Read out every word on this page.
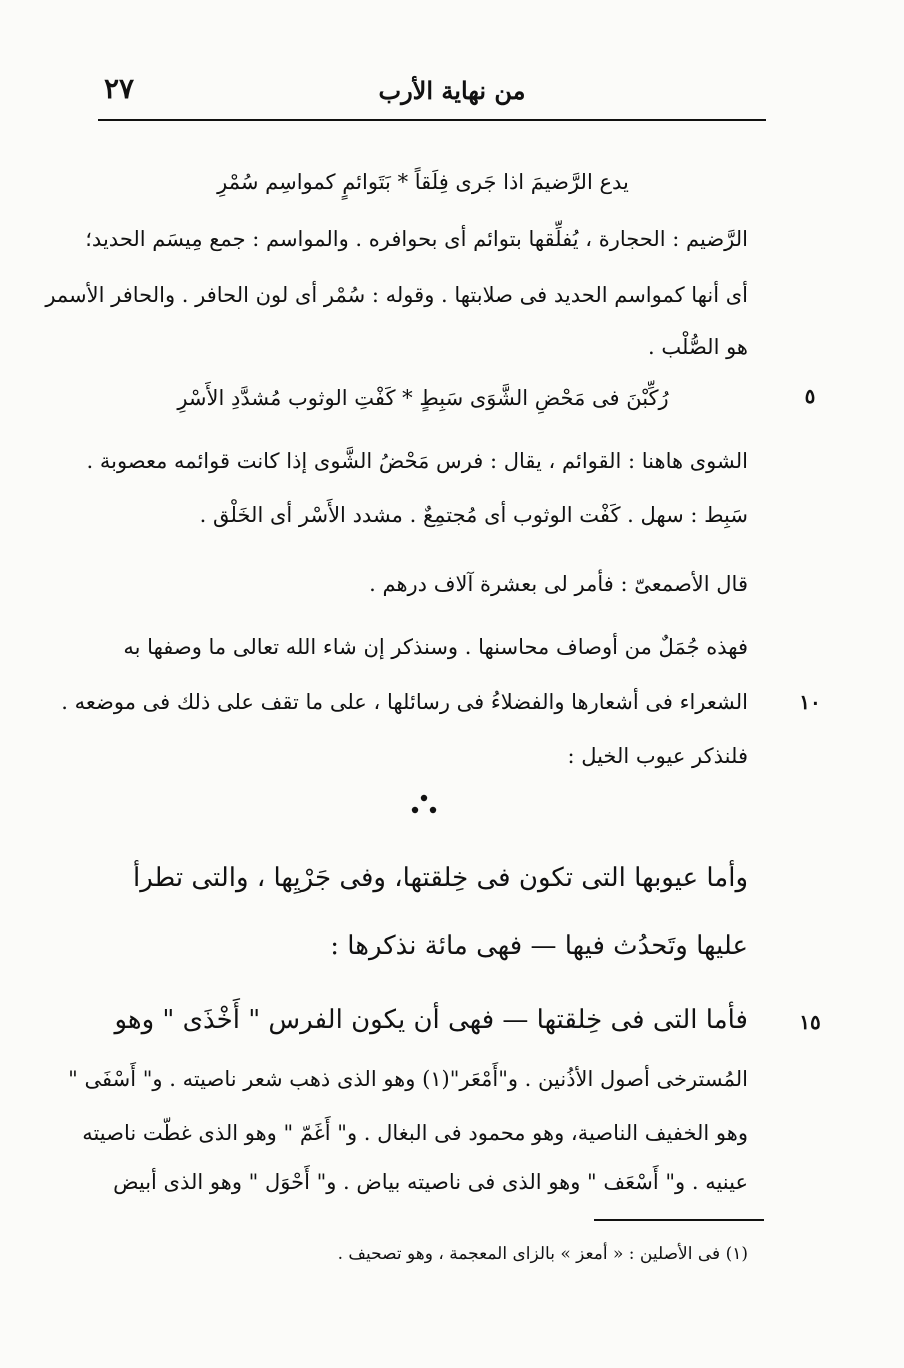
٢٧	من نهاية الأرب
يدع الرَّضيمَ اذا جَرى فِلَقاً * بَتَوائمٍ كمواسِم سُمْرِ
الرَّضيم : الحجارة ، يُفلِّقها بتوائم أى بحوافره . والمواسم : جمع مِيسَم الحديد؛
أى أنها كمواسم الحديد فى صلابتها . وقوله : سُمْر أى لون الحافر . والحافر الأسمر
هو الصُّلْب .
رُكِّبْنَ فى مَحْضِ الشَّوَى سَبِطٍ * كَفْتِ الوثوب مُشدَّدِ الأَسْرِ	٥
الشوى هاهنا : القوائم ، يقال : فرس مَحْضُ الشَّوى إذا كانت قوائمه معصوبة .
سَبِط : سهل . كَفْت الوثوب أى مُجتمِعٌ . مشدد الأَسْر أى الخَلْق .
قال الأصمعىّ : فأمر لى بعشرة آلاف درهم .
فهذه جُمَلٌ من أوصاف محاسنها . وسنذكر إن شاء الله تعالى ما وصفها به
الشعراء فى أشعارها والفضلاءُ فى رسائلها ، على ما تقف على ذلك فى موضعه .	١٠
فلنذكر عيوب الخيل :
وأما عيوبها التى تكون فى خِلقتها، وفى جَرْيِها ، والتى تطرأ
عليها وتَحدُث فيها — فهى مائة نذكرها :
فأما التى فى خِلقتها — فهى أن يكون الفرس " أَخْذَى " وهو	١٥
المُسترخى أصول الأذُنين . و"أَمْعَر"(١) وهو الذى ذهب شعر ناصيته . و" أَسْفَى "
وهو الخفيف الناصية، وهو محمود فى البغال . و" أَغَمّ " وهو الذى غطّت ناصيته
عينيه . و" أَسْعَف " وهو الذى فى ناصيته بياض . و" أَحْوَل " وهو الذى أبيض
(١) فى الأصلين : « أمعز » بالزاى المعجمة ، وهو تصحيف .
